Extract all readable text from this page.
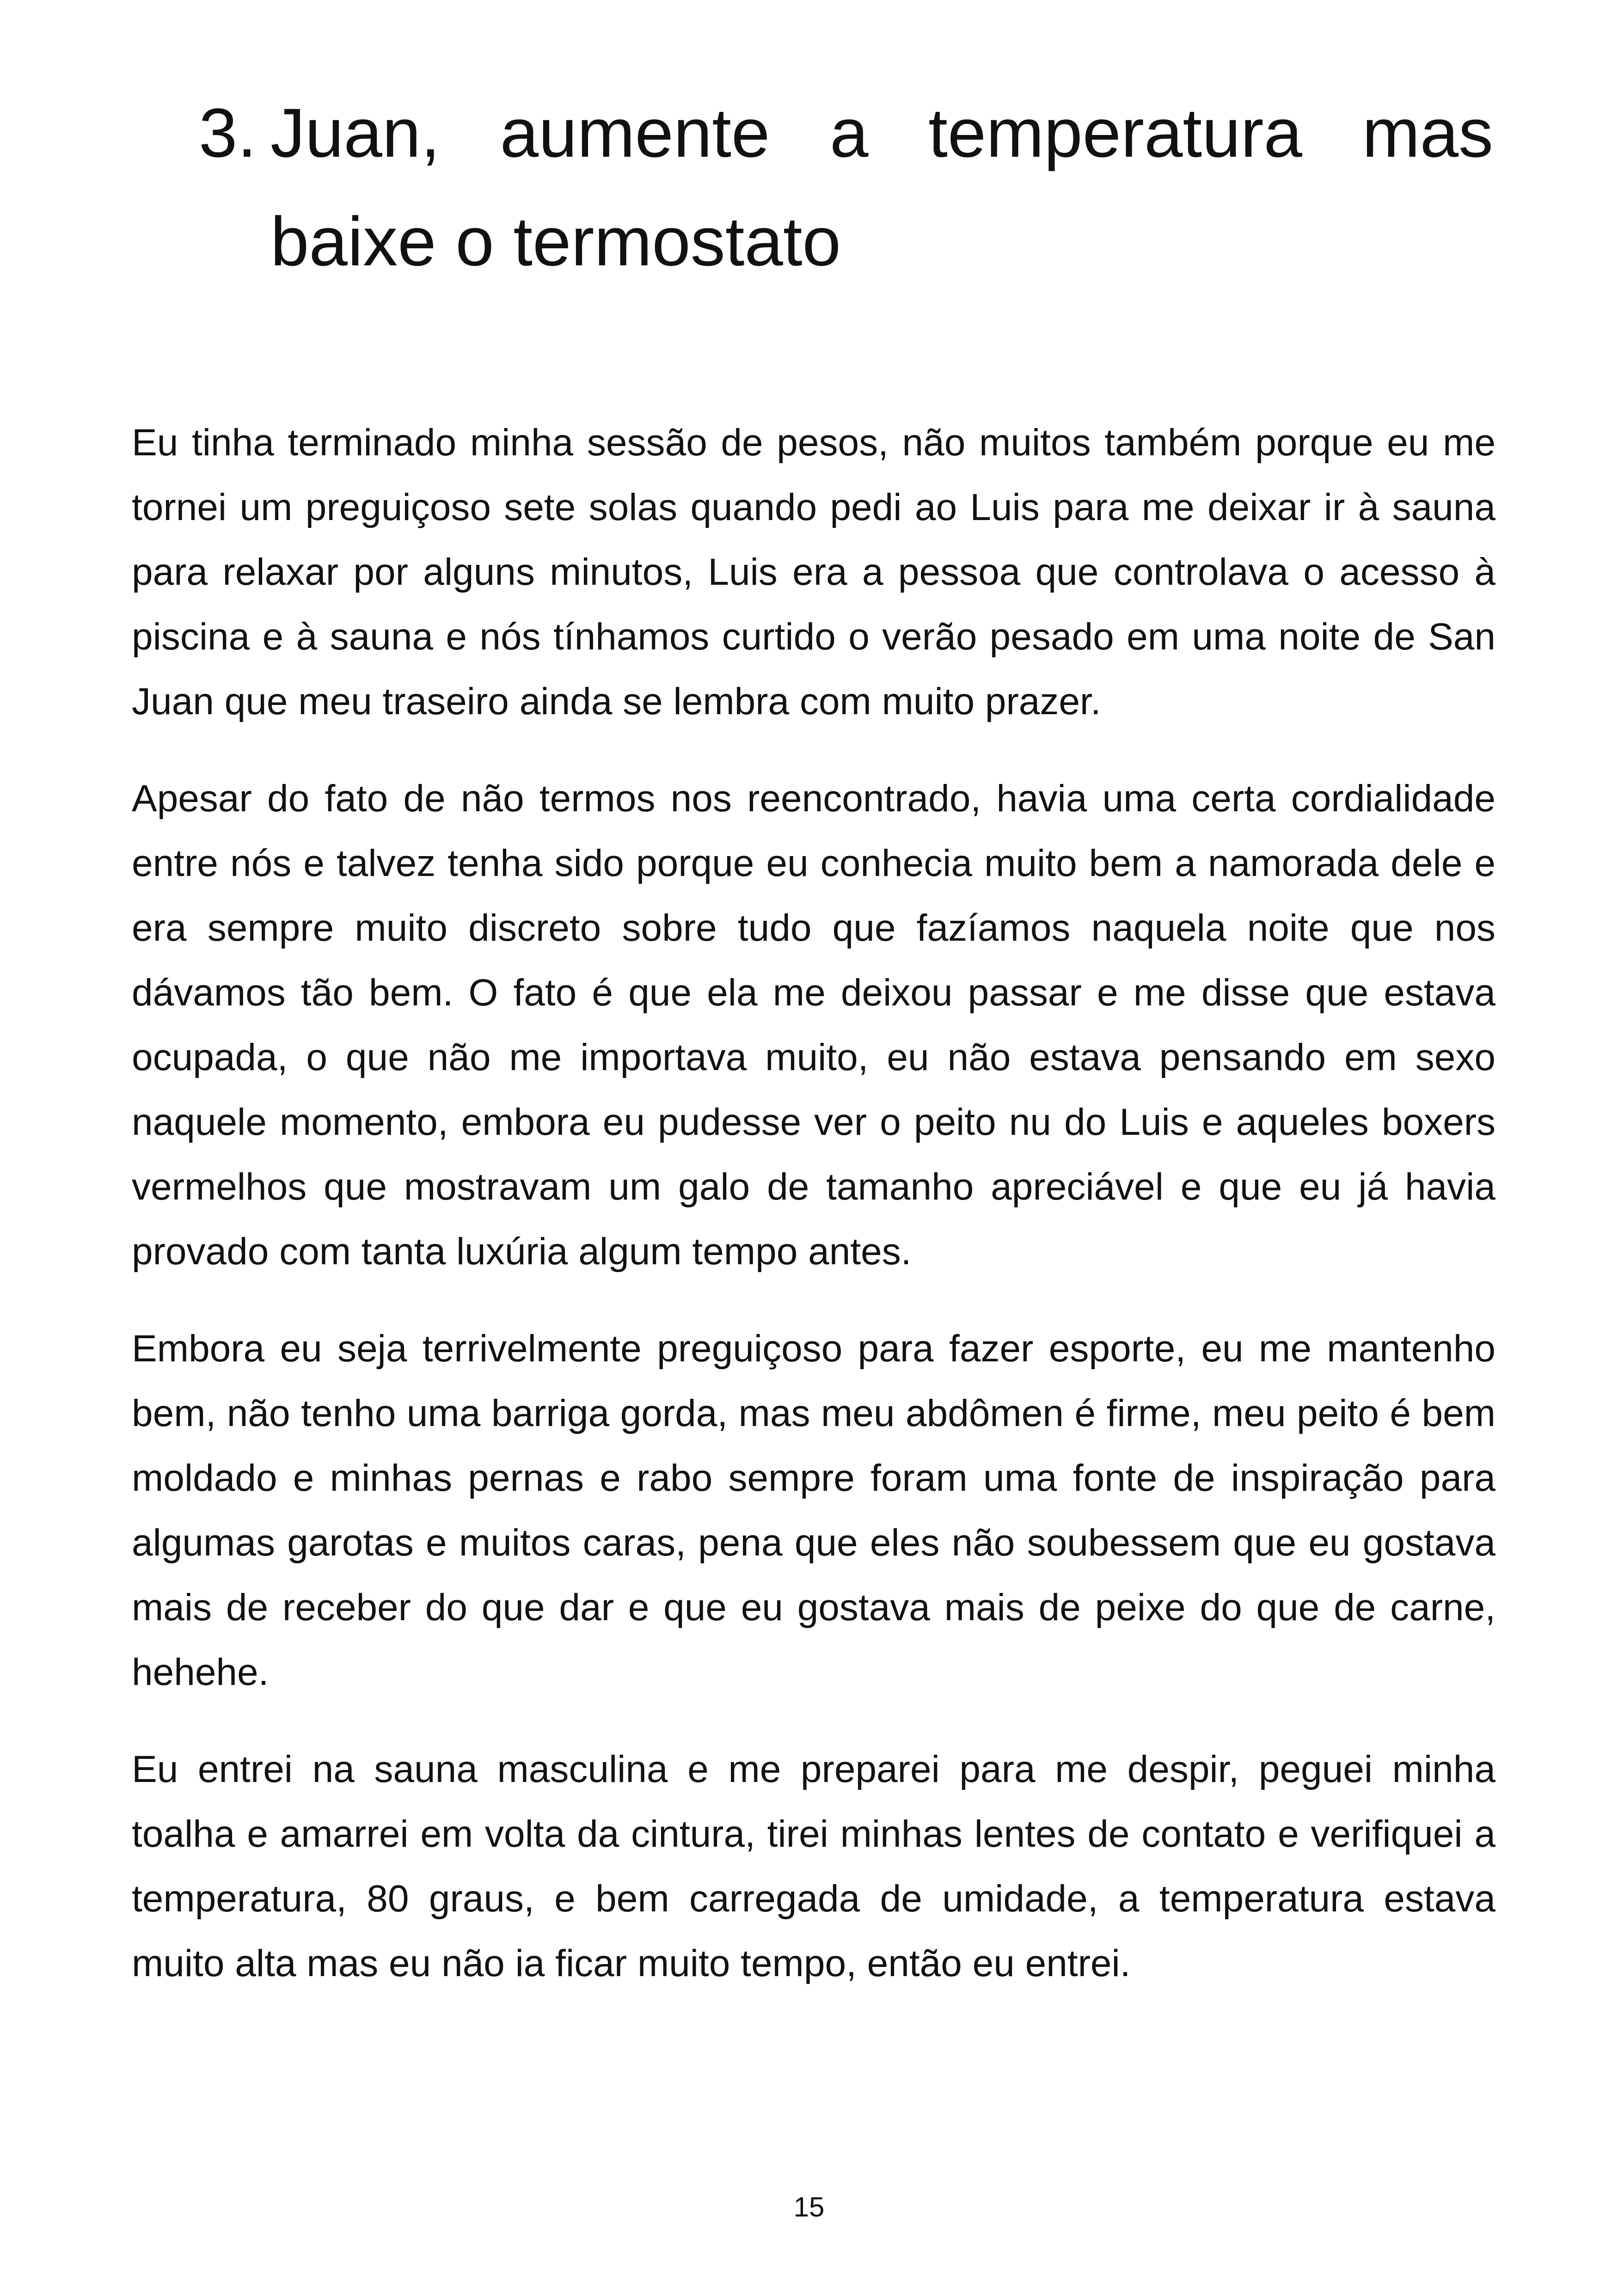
3. Juan, aumente a temperatura mas baixe o termostato

Eu tinha terminado minha sessão de pesos, não muitos também porque eu me tornei um preguiçoso sete solas quando pedi ao Luis para me deixar ir à sauna para relaxar por alguns minutos, Luis era a pessoa que controlava o acesso à piscina e à sauna e nós tínhamos curtido o verão pesado em uma noite de San Juan que meu traseiro ainda se lembra com muito prazer.

Apesar do fato de não termos nos reencontrado, havia uma certa cordialidade entre nós e talvez tenha sido porque eu conhecia muito bem a namorada dele e era sempre muito discreto sobre tudo que fazíamos naquela noite que nos dávamos tão bem. O fato é que ela me deixou passar e me disse que estava ocupada, o que não me importava muito, eu não estava pensando em sexo naquele momento, embora eu pudesse ver o peito nu do Luis e aqueles boxers vermelhos que mostravam um galo de tamanho apreciável e que eu já havia provado com tanta luxúria algum tempo antes.

Embora eu seja terrivelmente preguiçoso para fazer esporte, eu me mantenho bem, não tenho uma barriga gorda, mas meu abdômen é firme, meu peito é bem moldado e minhas pernas e rabo sempre foram uma fonte de inspiração para algumas garotas e muitos caras, pena que eles não soubessem que eu gostava mais de receber do que dar e que eu gostava mais de peixe do que de carne, hehehe.

Eu entrei na sauna masculina e me preparei para me despir, peguei minha toalha e amarrei em volta da cintura, tirei minhas lentes de contato e verifiquei a temperatura, 80 graus, e bem carregada de umidade, a temperatura estava muito alta mas eu não ia ficar muito tempo, então eu entrei.

15
